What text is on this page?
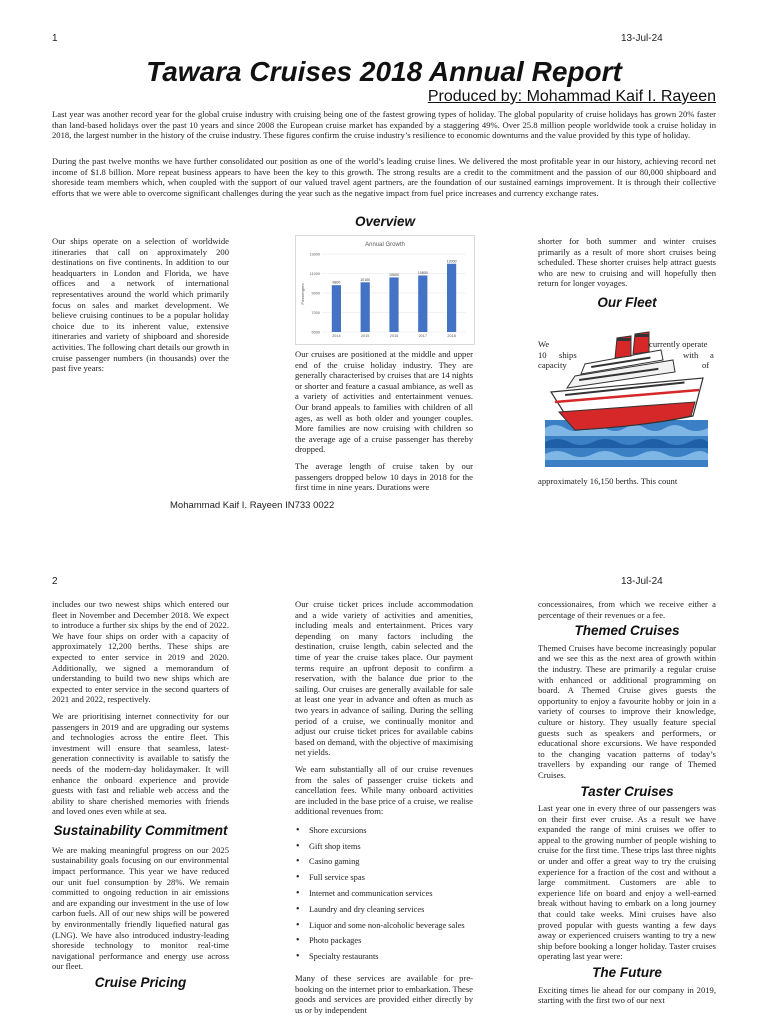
1	13-Jul-24
Tawara Cruises 2018 Annual Report
Produced by: Mohammad Kaif I. Rayeen

Last year was another record year for the global cruise industry with cruising being one of the fastest growing types of holiday. The global popularity of cruise holidays has grown 20% faster than land-based holidays over the past 10 years and since 2008 the European cruise market has expanded by a staggering 49%. Over 25.8 million people worldwide took a cruise holiday in 2018, the largest number in the history of the cruise industry. These figures confirm the cruise industry’s resilience to economic downturns and the value provided by this type of holiday.

During the past twelve months we have further consolidated our position as one of the world’s leading cruise lines. We delivered the most profitable year in our history, achieving record net income of $1.8 billion. More repeat business appears to have been the key to this growth. The strong results are a credit to the commitment and the passion of our 80,000 shipboard and shoreside team members which, when coupled with the support of our valued travel agent partners, are the foundation of our sustained earnings improvement. It is through their collective efforts that we were able to overcome significant challenges during the year such as the negative impact from fuel price increases and currency exchange rates.

Overview

Our ships operate on a selection of worldwide itineraries that call on approximately 200 destinations on five continents. In addition to our headquarters in London and Florida, we have offices and a network of international representatives around the world which primarily focus on sales and market development. We believe cruising continues to be a popular holiday choice due to its inherent value, extensive itineraries and variety of shipboard and shoreside activities. The following chart details our growth in cruise passenger numbers (in thousands) over the past five years:

Annual Growth
Passengers
5000
7000
9000
11000
13000
9800
2014
10100
2015
10600
2016
10800
2017
12000
2018

Our cruises are positioned at the middle and upper end of the cruise holiday industry. They are generally characterised by cruises that are 14 nights or shorter and feature a casual ambiance, as well as a variety of activities and entertainment venues. Our brand appeals to families with children of all ages, as well as both older and younger couples. More families are now cruising with children so the average age of a cruise passenger has thereby dropped.

The average length of cruise taken by our passengers dropped below 10 days in 2018 for the first time in nine years. Durations were

shorter for both summer and winter cruises primarily as a result of more short cruises being scheduled. These shorter cruises help attract guests who are new to cruising and will hopefully then return for longer voyages.

Our Fleet
We	currently operate
10 ships	with a
capacity	of
approximately 16,150 berths. This count
Mohammad Kaif I. Rayeen IN733 0022
2	13-Jul-24

includes our two newest ships which entered our fleet in November and December 2018. We expect to introduce a further six ships by the end of 2022. We have four ships on order with a capacity of approximately 12,200 berths. These ships are expected to enter service in 2019 and 2020. Additionally, we signed a memorandum of understanding to build two new ships which are expected to enter service in the second quarters of 2021 and 2022, respectively.

We are prioritising internet connectivity for our passengers in 2019 and are upgrading our systems and technologies across the entire fleet. This investment will ensure that seamless, latest-generation connectivity is available to satisfy the needs of the modern-day holidaymaker. It will enhance the onboard experience and provide guests with fast and reliable web access and the ability to share cherished memories with friends and loved ones even while at sea.

Sustainability Commitment

We are making meaningful progress on our 2025 sustainability goals focusing on our environmental impact performance. This year we have reduced our unit fuel consumption by 28%. We remain committed to ongoing reduction in air emissions and are expanding our investment in the use of low carbon fuels. All of our new ships will be powered by environmentally friendly liquefied natural gas (LNG). We have also introduced industry-leading shoreside technology to monitor real-time navigational performance and energy use across our fleet.

Cruise Pricing

Our cruise ticket prices include accommodation and a wide variety of activities and amenities, including meals and entertainment. Prices vary depending on many factors including the destination, cruise length, cabin selected and the time of year the cruise takes place. Our payment terms require an upfront deposit to confirm a reservation, with the balance due prior to the sailing. Our cruises are generally available for sale at least one year in advance and often as much as two years in advance of sailing. During the selling period of a cruise, we continually monitor and adjust our cruise ticket prices for available cabins based on demand, with the objective of maximising net yields.

We earn substantially all of our cruise revenues from the sales of passenger cruise tickets and cancellation fees. While many onboard activities are included in the base price of a cruise, we realise additional revenues from:

• Shore excursions
• Gift shop items
• Casino gaming
• Full service spas
• Internet and communication services
• Laundry and dry cleaning services
• Liquor and some non-alcoholic beverage sales
• Photo packages
• Specialty restaurants

Many of these services are available for pre-booking on the internet prior to embarkation. These goods and services are provided either directly by us or by independent

concessionaires, from which we receive either a percentage of their revenues or a fee.

Themed Cruises

Themed Cruises have become increasingly popular and we see this as the next area of growth within the industry. These are primarily a regular cruise with enhanced or additional programming on board. A Themed Cruise gives guests the opportunity to enjoy a favourite hobby or join in a variety of courses to improve their knowledge, culture or history. They usually feature special guests such as speakers and performers, or educational shore excursions. We have responded to the changing vacation patterns of today’s travellers by expanding our range of Themed Cruises.

Taster Cruises

Last year one in every three of our passengers was on their first ever cruise. As a result we have expanded the range of mini cruises we offer to appeal to the growing number of people wishing to cruise for the first time. These trips last three nights or under and offer a great way to try the cruising experience for a fraction of the cost and without a large commitment. Customers are able to experience life on board and enjoy a well-earned break without having to embark on a long journey that could take weeks. Mini cruises have also proved popular with guests wanting a few days away or experienced cruisers wanting to try a new ship before booking a longer holiday. Taster cruises operating last year were:

The Future

Exciting times lie ahead for our company in 2019, starting with the first two of our next
